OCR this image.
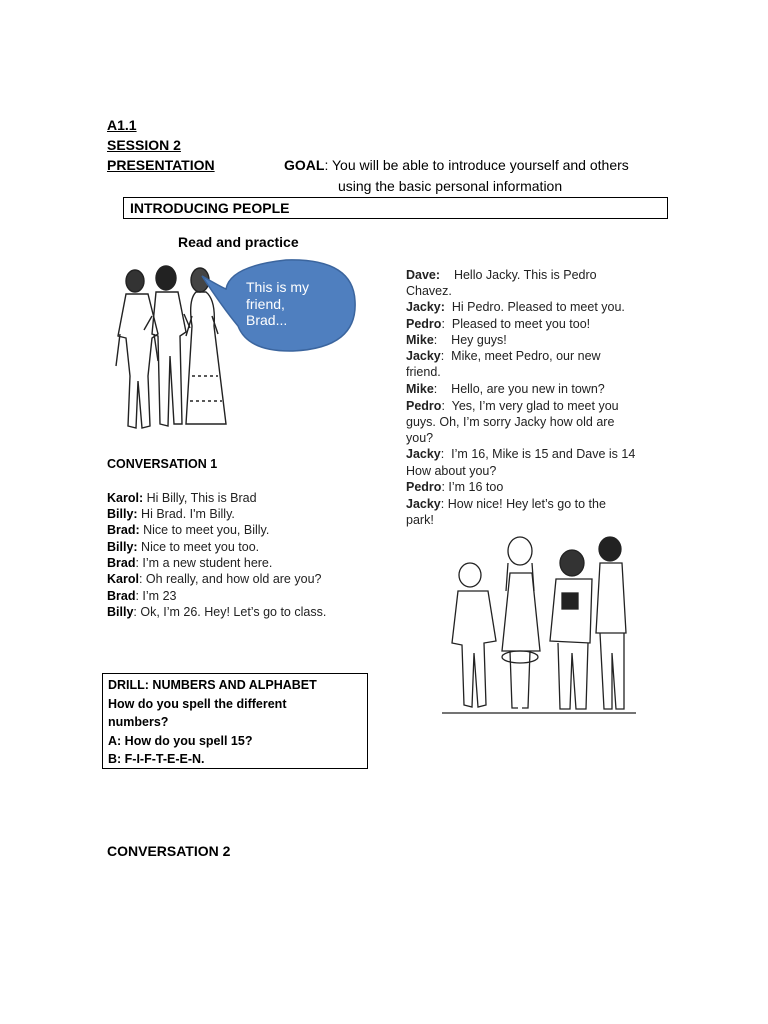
A1.1
SESSION 2
PRESENTATION	GOAL: You will be able to introduce yourself and others
using the basic personal information
INTRODUCING PEOPLE
Read and practice
This is my
friend,
Brad...
CONVERSATION 1
Karol: Hi Billy, This is Brad
Billy: Hi Brad. I'm Billy.
Brad: Nice to meet you, Billy.
Billy: Nice to meet you too.
Brad: I’m a new student here.
Karol: Oh really, and how old are you?
Brad: I’m 23
Billy: Ok, I’m 26. Hey! Let’s go to class.
Dave:    Hello Jacky. This is Pedro
Chavez.
Jacky:  Hi Pedro. Pleased to meet you.
Pedro:  Pleased to meet you too!
Mike:    Hey guys!
Jacky:  Mike, meet Pedro, our new
friend.
Mike:    Hello, are you new in town?
Pedro:  Yes, I’m very glad to meet you
guys. Oh, I’m sorry Jacky how old are
you?
Jacky:  I’m 16, Mike is 15 and Dave is 14
How about you?
Pedro: I’m 16 too
Jacky: How nice! Hey let’s go to the
park!
DRILL: NUMBERS AND ALPHABET
How do you spell the different
numbers?
A: How do you spell 15?
B: F-I-F-T-E-E-N.
CONVERSATION 2
